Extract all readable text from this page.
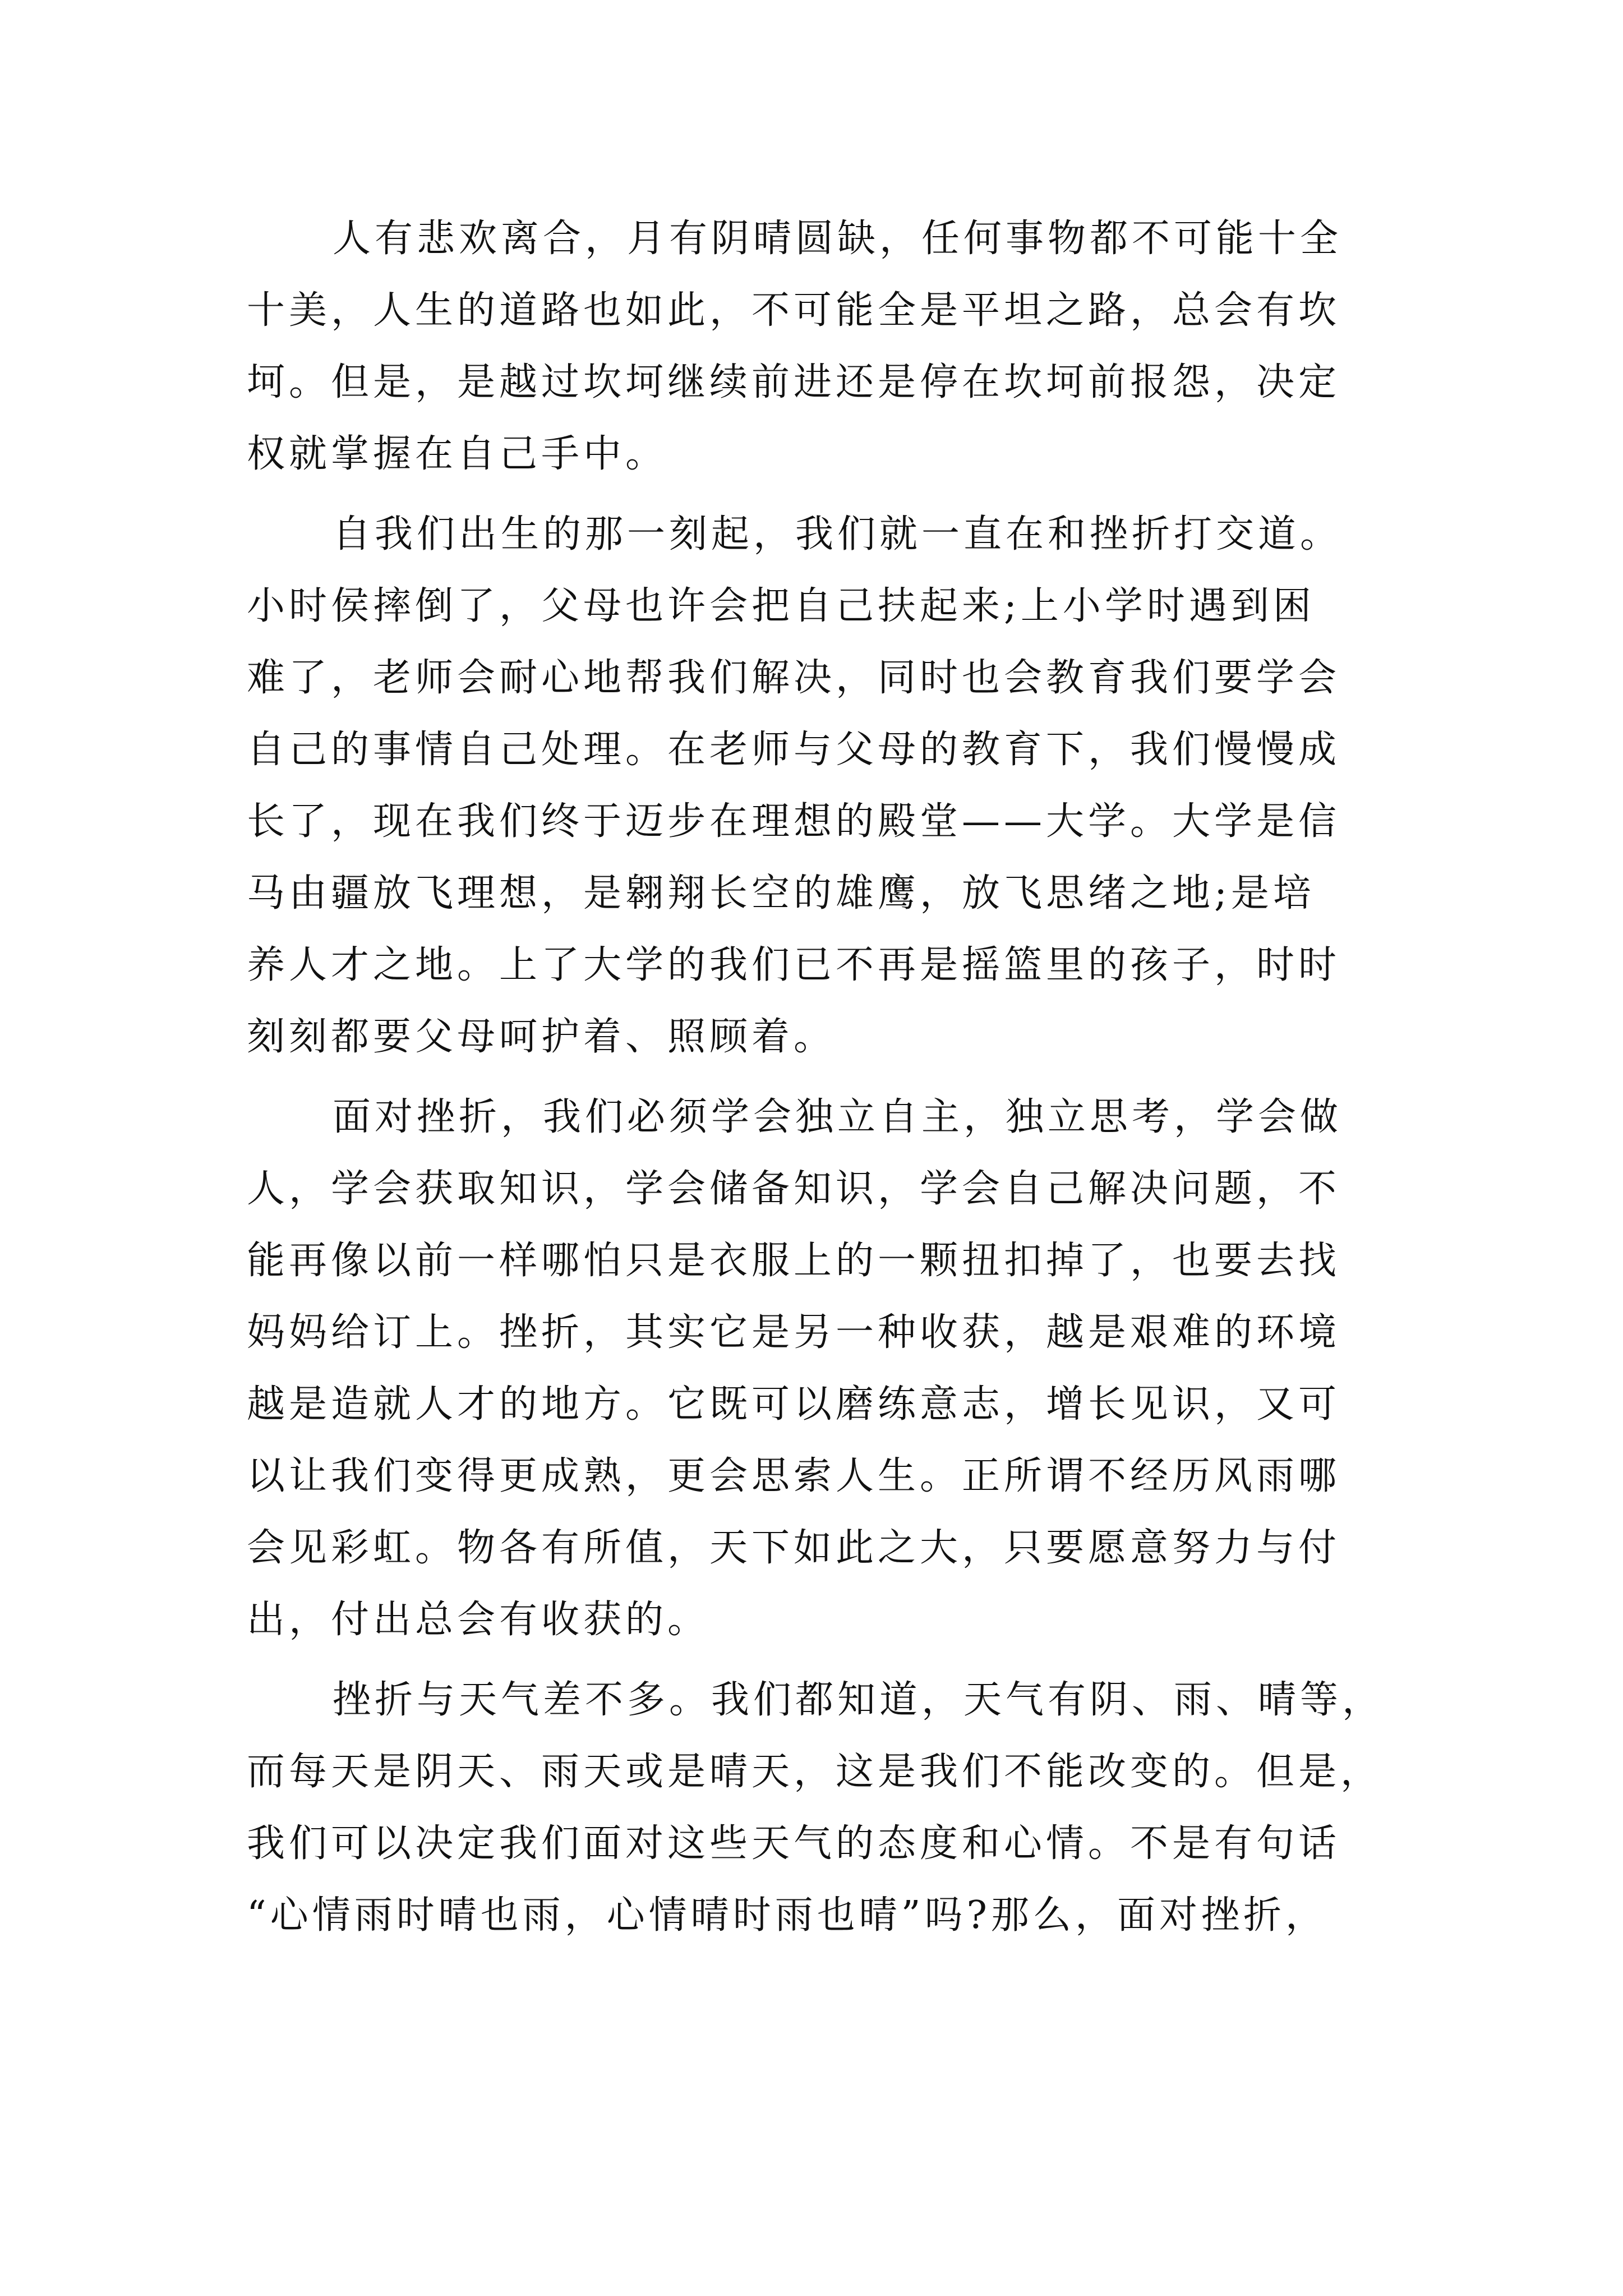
人有悲欢离合，月有阴晴圆缺，任何事物都不可能十全
十美，人生的道路也如此，不可能全是平坦之路，总会有坎
坷。但是，是越过坎坷继续前进还是停在坎坷前报怨，决定
权就掌握在自己手中。
自我们出生的那一刻起，我们就一直在和挫折打交道。
小时侯摔倒了，父母也许会把自己扶起来;上小学时遇到困
难了，老师会耐心地帮我们解决，同时也会教育我们要学会
自己的事情自己处理。在老师与父母的教育下，我们慢慢成
长了，现在我们终于迈步在理想的殿堂——大学。大学是信
马由疆放飞理想，是翱翔长空的雄鹰，放飞思绪之地;是培
养人才之地。上了大学的我们已不再是摇篮里的孩子，时时
刻刻都要父母呵护着、照顾着。
面对挫折，我们必须学会独立自主，独立思考，学会做
人，学会获取知识，学会储备知识，学会自己解决问题，不
能再像以前一样哪怕只是衣服上的一颗扭扣掉了，也要去找
妈妈给订上。挫折，其实它是另一种收获，越是艰难的环境
越是造就人才的地方。它既可以磨练意志，增长见识，又可
以让我们变得更成熟，更会思索人生。正所谓不经历风雨哪
会见彩虹。物各有所值，天下如此之大，只要愿意努力与付
出，付出总会有收获的。
挫折与天气差不多。我们都知道，天气有阴、雨、晴等，
而每天是阴天、雨天或是晴天，这是我们不能改变的。但是，
我们可以决定我们面对这些天气的态度和心情。不是有句话
“心情雨时晴也雨，心情晴时雨也晴”吗?那么，面对挫折，
